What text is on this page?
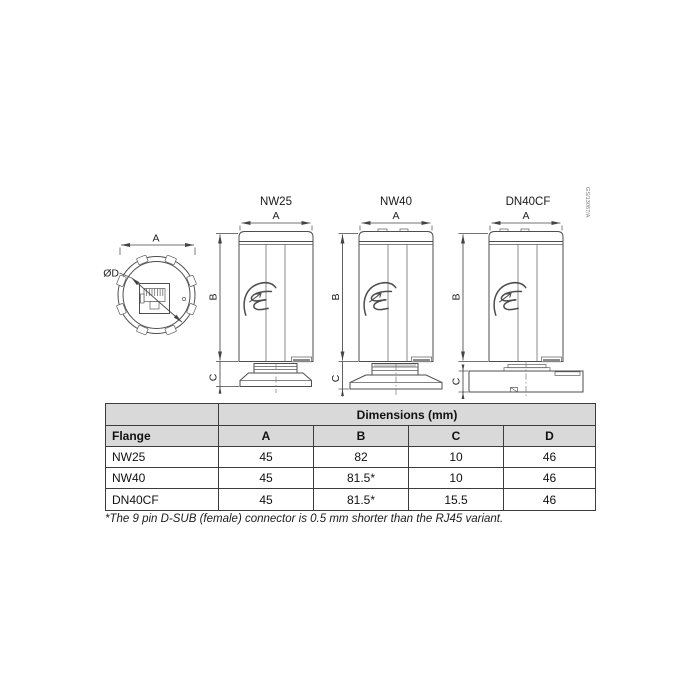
A
ØD
NW25
A
B
C
NW40
A
B
C
DN40CF
A
B
C
GS/13067/A
	Dimensions (mm)			
Flange	A	B	C	D
NW25	45	82	10	46
NW40	45	81.5*	10	46
DN40CF	45	81.5*	15.5	46
*The 9 pin D-SUB (female) connector is 0.5 mm shorter than the RJ45 variant.
